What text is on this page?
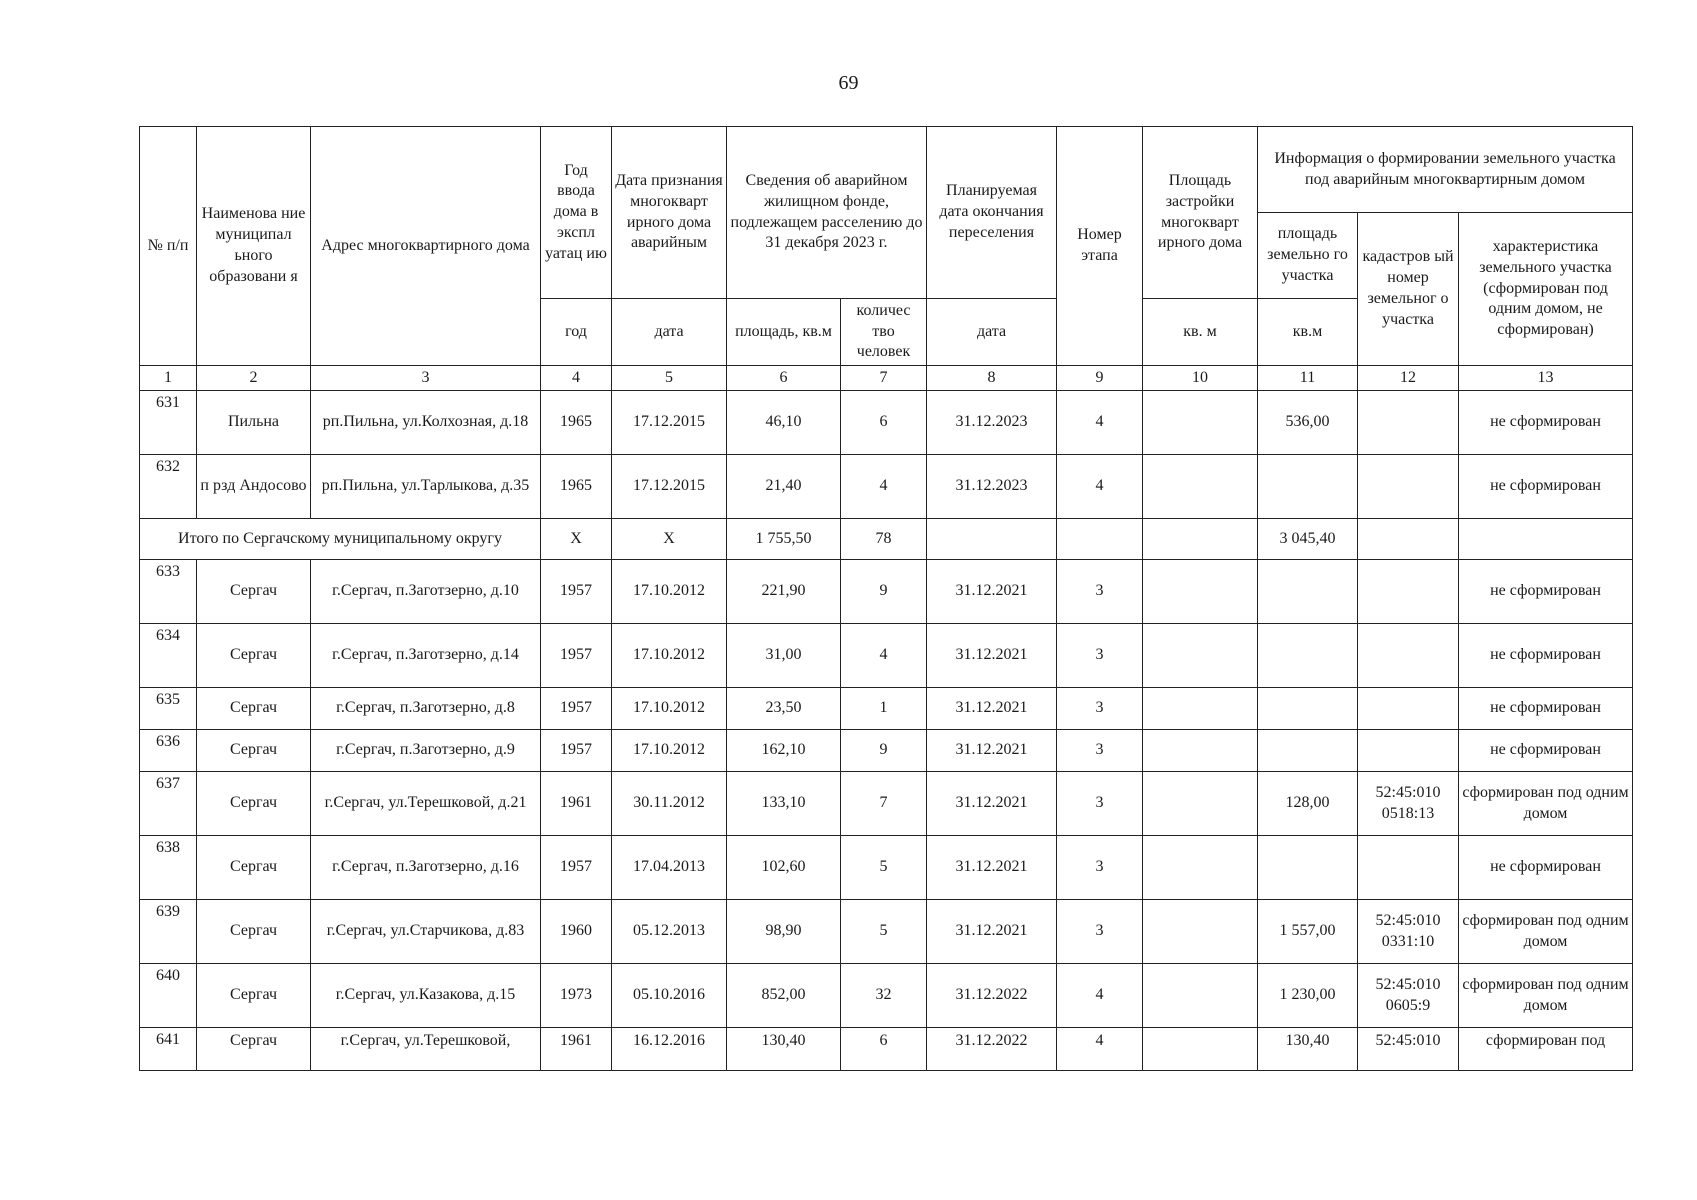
69
№ п/п	Наименова ние муниципал ьного образовани я	Адрес многоквартирного дома	Год ввода дома в экспл уатац ию	Дата признания многокварт ирного дома аварийным	Сведения об аварийном жилищном фонде, подлежащем расселению до 31 декабря 2023 г.		Планируемая дата окончания переселения	Номер этапа	Площадь застройки многокварт ирного дома	Информация о формировании земельного участка под аварийным многоквартирным домом		
										площадь земельно го участка	кадастров ый номер земельног о участка	характеристика земельного участка (сформирован под одним домом, не сформирован)
			год	дата	площадь, кв.м	количес тво человек	дата		кв. м	кв.м		
1	2	3	4	5	6	7	8	9	10	11	12	13
631	Пильна	рп.Пильна, ул.Колхозная, д.18	1965	17.12.2015	46,10	6	31.12.2023	4		536,00		не сформирован
632	п рзд Андосово	рп.Пильна, ул.Тарлыкова, д.35	1965	17.12.2015	21,40	4	31.12.2023	4				не сформирован
Итого по Сергачскому муниципальному округу			Х	Х	1 755,50	78				3 045,40		
633	Сергач	г.Сергач, п.Заготзерно, д.10	1957	17.10.2012	221,90	9	31.12.2021	3				не сформирован
634	Сергач	г.Сергач, п.Заготзерно, д.14	1957	17.10.2012	31,00	4	31.12.2021	3				не сформирован
635	Сергач	г.Сергач, п.Заготзерно, д.8	1957	17.10.2012	23,50	1	31.12.2021	3				не сформирован
636	Сергач	г.Сергач, п.Заготзерно, д.9	1957	17.10.2012	162,10	9	31.12.2021	3				не сформирован
637	Сергач	г.Сергач, ул.Терешковой, д.21	1961	30.11.2012	133,10	7	31.12.2021	3		128,00	52:45:010 0518:13	сформирован под одним домом
638	Сергач	г.Сергач, п.Заготзерно, д.16	1957	17.04.2013	102,60	5	31.12.2021	3				не сформирован
639	Сергач	г.Сергач, ул.Старчикова, д.83	1960	05.12.2013	98,90	5	31.12.2021	3		1 557,00	52:45:010 0331:10	сформирован под одним домом
640	Сергач	г.Сергач, ул.Казакова, д.15	1973	05.10.2016	852,00	32	31.12.2022	4		1 230,00	52:45:010 0605:9	сформирован под одним домом
641	Сергач	г.Сергач, ул.Терешковой,	1961	16.12.2016	130,40	6	31.12.2022	4		130,40	52:45:010	сформирован под
